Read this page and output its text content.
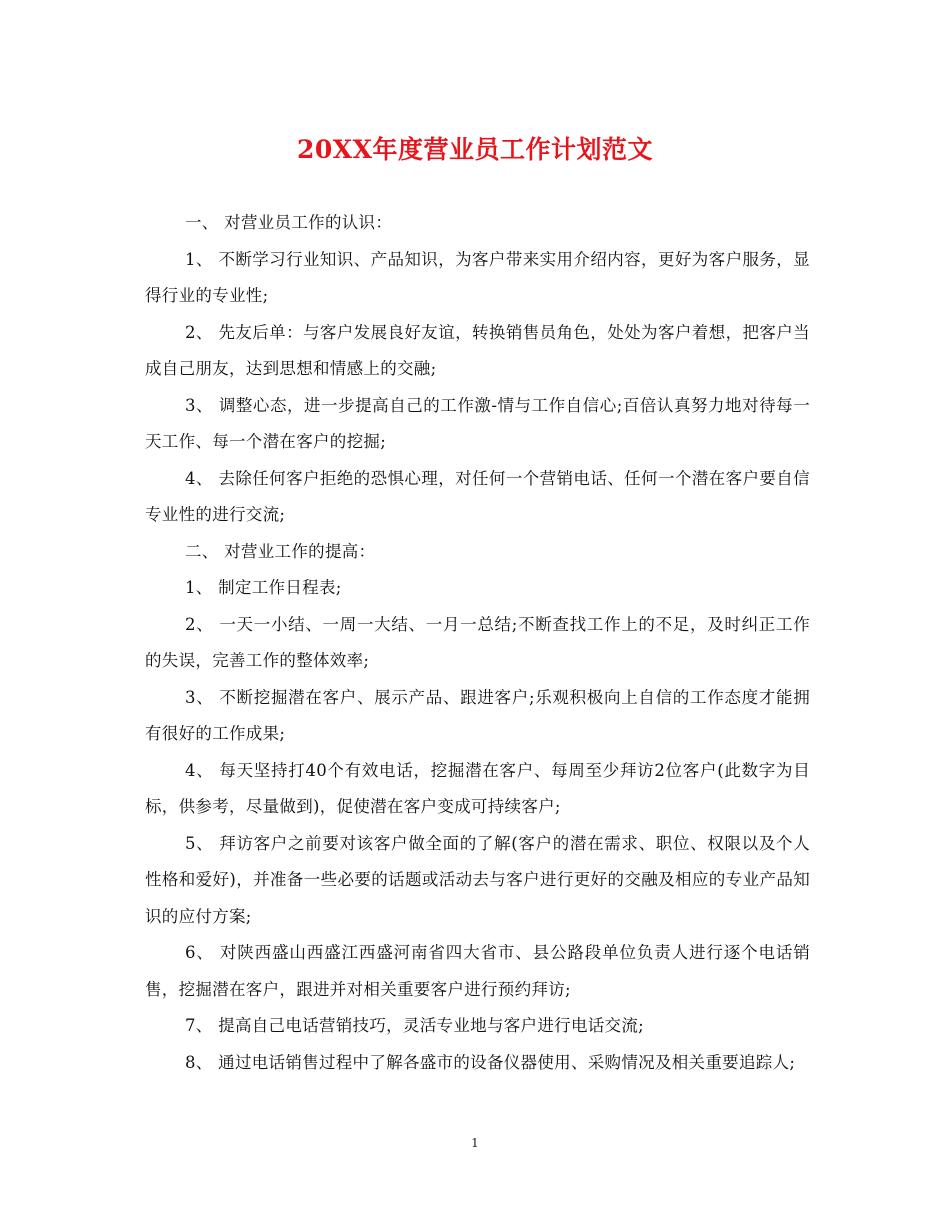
20XX年度营业员工作计划范文

一、 对营业员工作的认识：

1、 不断学习行业知识、产品知识，为客户带来实用介绍内容，更好为客户服务，显得行业的专业性;

2、 先友后单：与客户发展良好友谊，转换销售员角色，处处为客户着想，把客户当成自己朋友，达到思想和情感上的交融;

3、 调整心态，进一步提高自己的工作激-情与工作自信心;百倍认真努力地对待每一天工作、每一个潜在客户的挖掘;

4、 去除任何客户拒绝的恐惧心理，对任何一个营销电话、任何一个潜在客户要自信专业性的进行交流;

二、 对营业工作的提高：

1、 制定工作日程表;

2、 一天一小结、一周一大结、一月一总结;不断查找工作上的不足，及时纠正工作的失误，完善工作的整体效率;

3、 不断挖掘潜在客户、展示产品、跟进客户;乐观积极向上自信的工作态度才能拥有很好的工作成果;

4、 每天坚持打40个有效电话，挖掘潜在客户、每周至少拜访2位客户(此数字为目标，供参考，尽量做到)，促使潜在客户变成可持续客户;

5、 拜访客户之前要对该客户做全面的了解(客户的潜在需求、职位、权限以及个人性格和爱好)，并准备一些必要的话题或活动去与客户进行更好的交融及相应的专业产品知识的应付方案;

6、 对陕西盛山西盛江西盛河南省四大省市、县公路段单位负责人进行逐个电话销售，挖掘潜在客户，跟进并对相关重要客户进行预约拜访;

7、 提高自己电话营销技巧，灵活专业地与客户进行电话交流;

8、 通过电话销售过程中了解各盛市的设备仪器使用、采购情况及相关重要追踪人;

1
